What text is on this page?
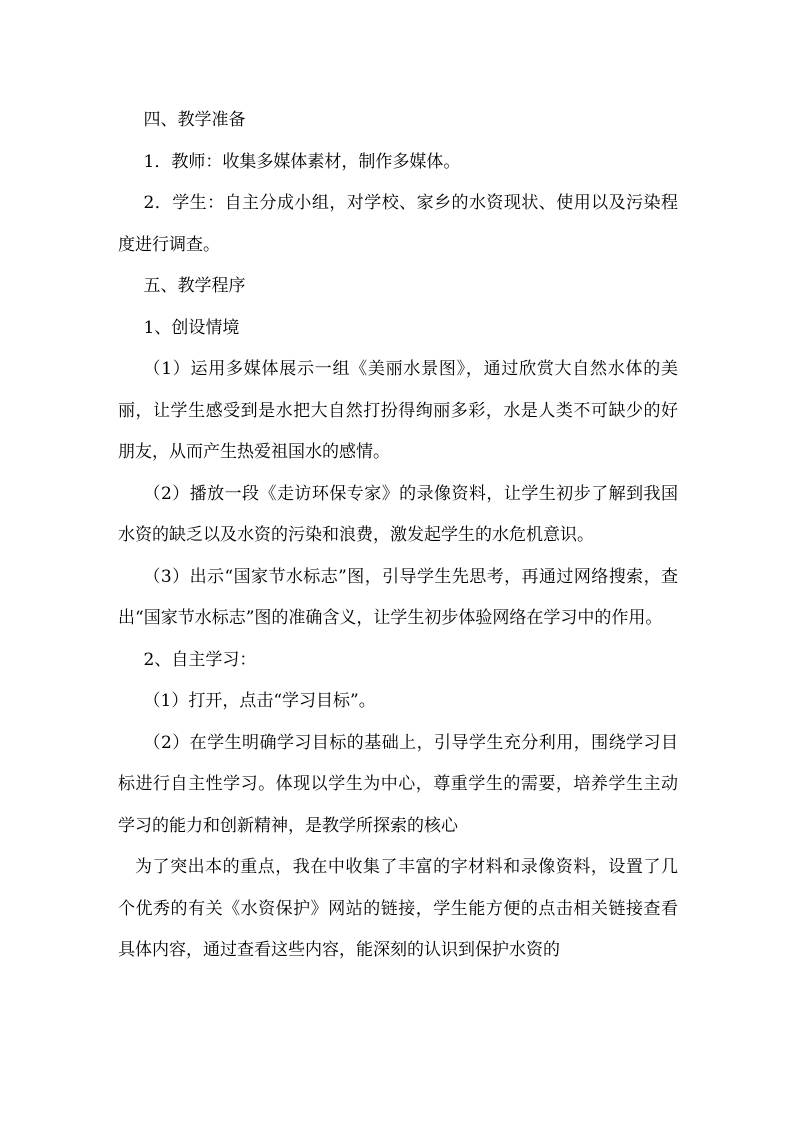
四、教学准备

1．教师：收集多媒体素材，制作多媒体。

2．学生：自主分成小组，对学校、家乡的水资现状、使用以及污染程度进行调查。

五、教学程序

1、创设情境

（1）运用多媒体展示一组《美丽水景图》，通过欣赏大自然水体的美丽，让学生感受到是水把大自然打扮得绚丽多彩，水是人类不可缺少的好朋友，从而产生热爱祖国水的感情。

（2）播放一段《走访环保专家》的录像资料，让学生初步了解到我国水资的缺乏以及水资的污染和浪费，激发起学生的水危机意识。

（3）出示“国家节水标志”图，引导学生先思考，再通过网络搜索，查出“国家节水标志”图的准确含义，让学生初步体验网络在学习中的作用。

2、自主学习：

（1）打开，点击“学习目标”。

（2）在学生明确学习目标的基础上，引导学生充分利用，围绕学习目标进行自主性学习。体现以学生为中心，尊重学生的需要，培养学生主动学习的能力和创新精神，是教学所探索的核心

为了突出本的重点，我在中收集了丰富的字材料和录像资料，设置了几个优秀的有关《水资保护》网站的链接，学生能方便的点击相关链接查看具体内容，通过查看这些内容，能深刻的认识到保护水资的
